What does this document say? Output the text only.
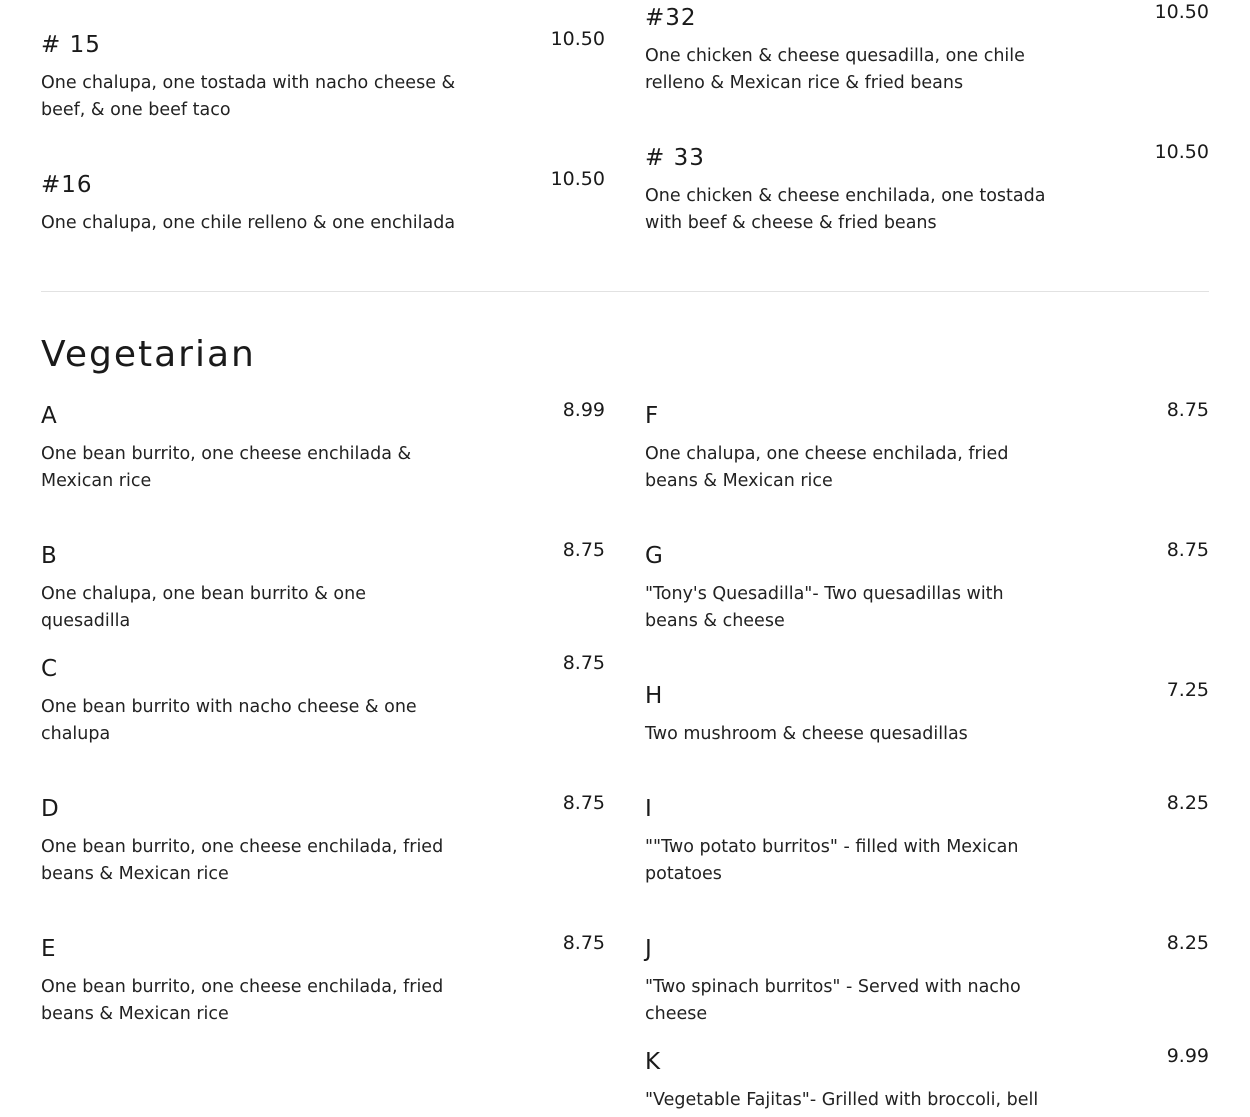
# 15	10.50
One chalupa, one tostada with nacho cheese & beef, & one beef taco
#16	10.50
One chalupa, one chile relleno & one enchilada
#32	10.50
One chicken & cheese quesadilla, one chile relleno & Mexican rice & fried beans
# 33	10.50
One chicken & cheese enchilada, one tostada with beef & cheese & fried beans
Vegetarian
A	8.99
One bean burrito, one cheese enchilada & Mexican rice
B	8.75
One chalupa, one bean burrito & one quesadilla
C	8.75
One bean burrito with nacho cheese & one chalupa
D	8.75
One bean burrito, one cheese enchilada, fried beans & Mexican rice
E	8.75
One bean burrito, one cheese enchilada, fried beans & Mexican rice
F	8.75
One chalupa, one cheese enchilada, fried beans & Mexican rice
G	8.75
"Tony's Quesadilla"- Two quesadillas with beans & cheese
H	7.25
Two mushroom & cheese quesadillas
I	8.25
""Two potato burritos" - filled with Mexican potatoes
J	8.25
"Two spinach burritos" - Served with nacho cheese
K	9.99
"Vegetable Fajitas"- Grilled with broccoli, bell
